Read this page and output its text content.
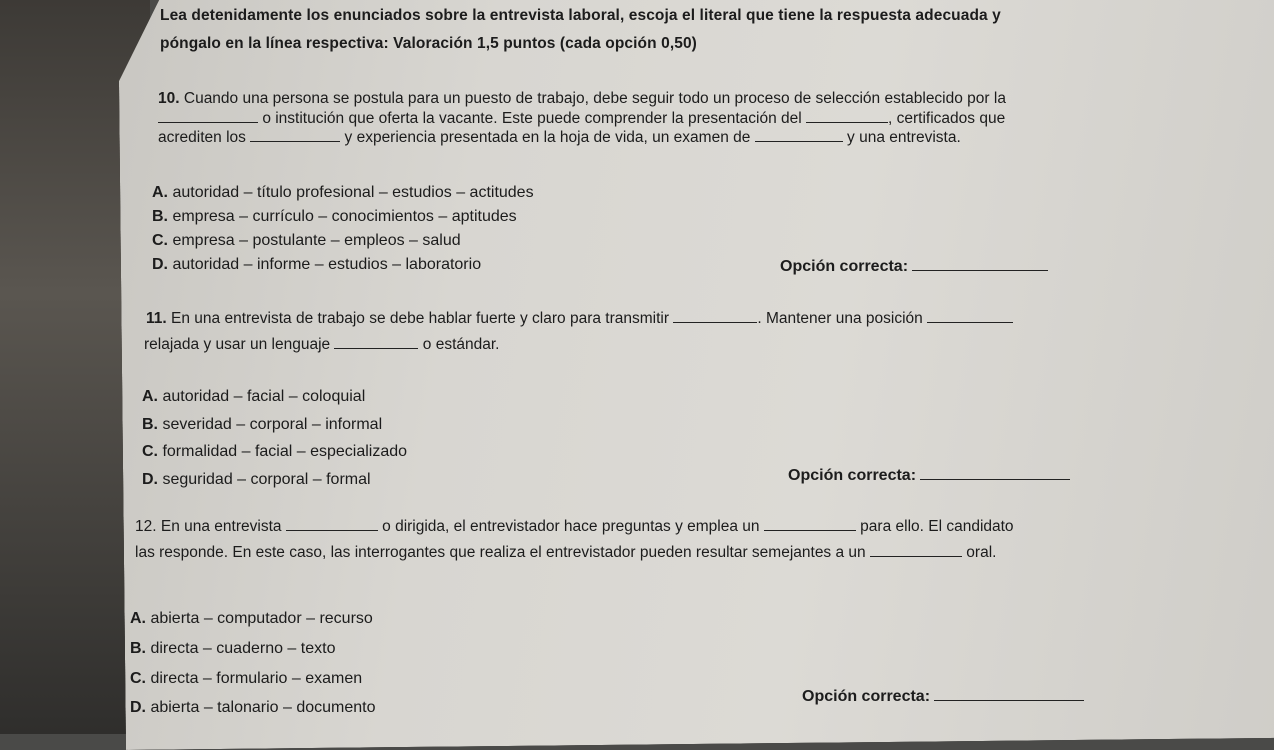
Lea detenidamente los enunciados sobre la entrevista laboral, escoja el literal que tiene la respuesta adecuada y
póngalo en la línea respectiva: Valoración 1,5 puntos (cada opción 0,50)
10. Cuando una persona se postula para un puesto de trabajo, debe seguir todo un proceso de selección establecido por la
o institución que oferta la vacante. Este puede comprender la presentación del	, certificados que
acrediten los	y experiencia presentada en la hoja de vida, un examen de	y una entrevista.
A. autoridad – título profesional – estudios – actitudes
B. empresa – currículo – conocimientos – aptitudes
C. empresa – postulante – empleos – salud
D. autoridad – informe – estudios – laboratorio	Opción correcta:
11. En una entrevista de trabajo se debe hablar fuerte y claro para transmitir	. Mantener una posición
relajada y usar un lenguaje	o estándar.
A. autoridad – facial – coloquial
B. severidad – corporal – informal
C. formalidad – facial – especializado
D. seguridad – corporal – formal	Opción correcta:
12. En una entrevista	o dirigida, el entrevistador hace preguntas y emplea un	para ello. El candidato
las responde. En este caso, las interrogantes que realiza el entrevistador pueden resultar semejantes a un	oral.
A. abierta – computador – recurso
B. directa – cuaderno – texto
C. directa – formulario – examen
D. abierta – talonario – documento
Opción correcta:
